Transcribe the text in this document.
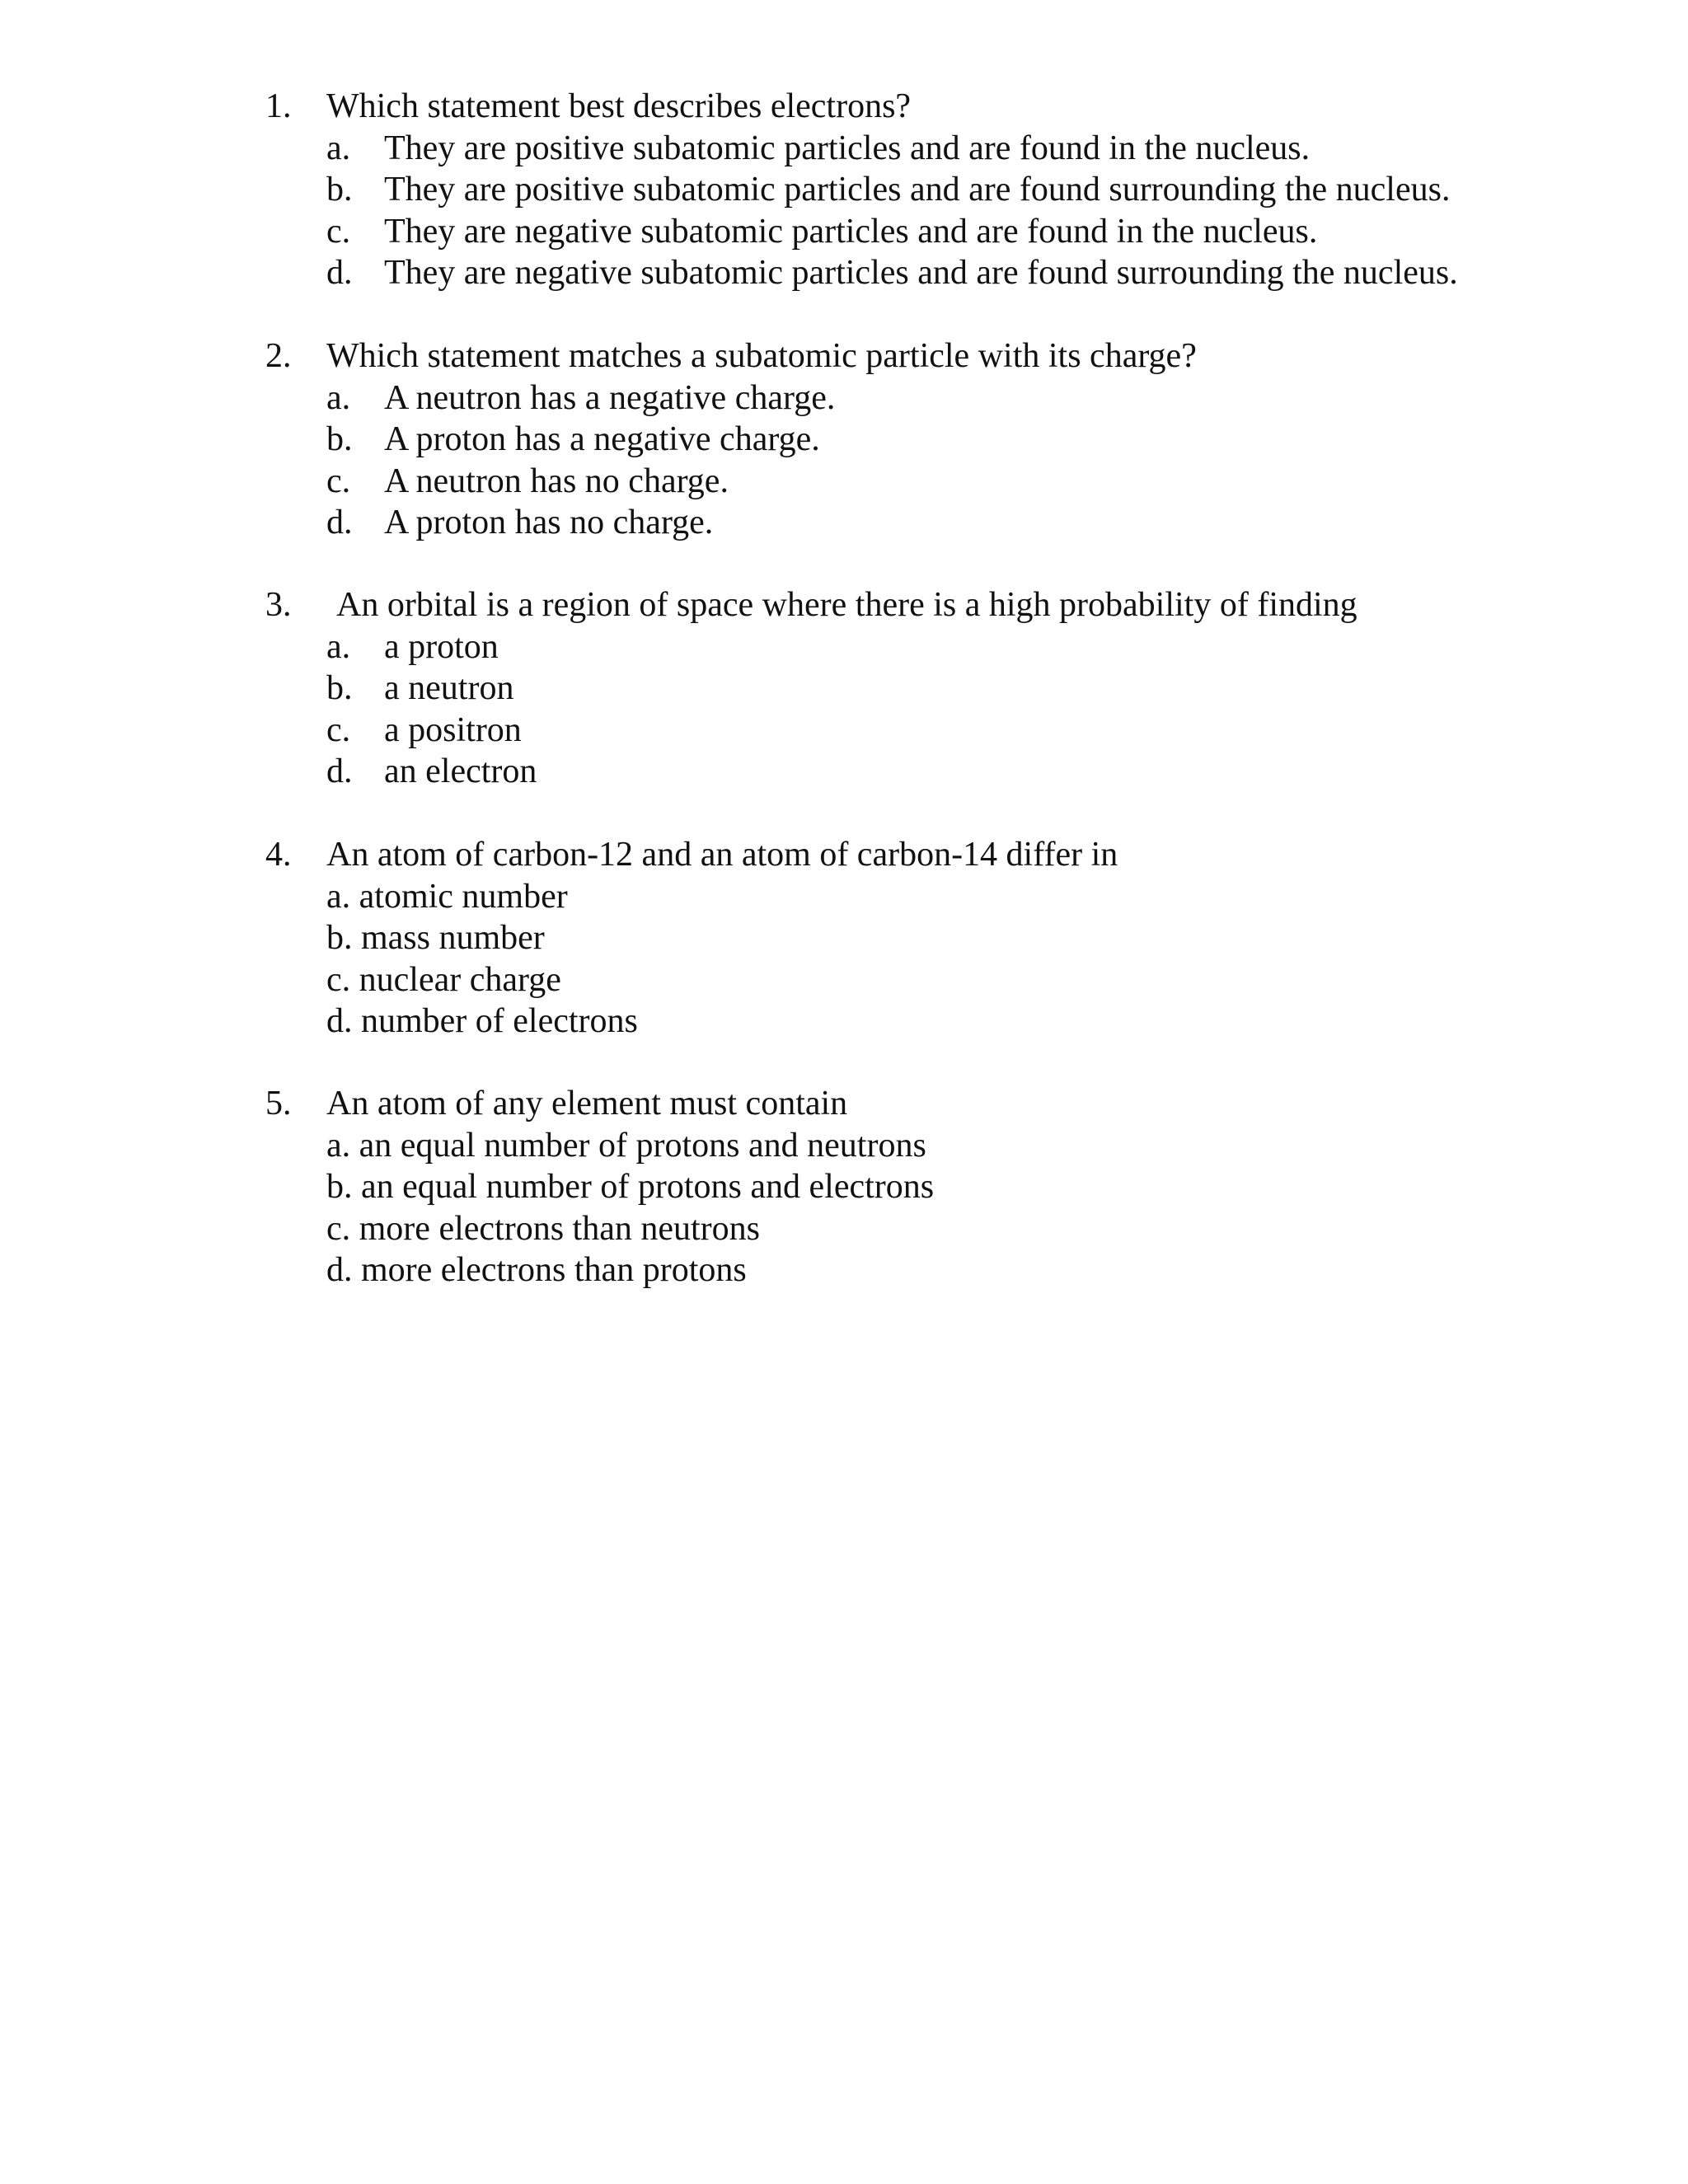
1. Which statement best describes electrons?
a. They are positive subatomic particles and are found in the nucleus.
b. They are positive subatomic particles and are found surrounding the nucleus.
c. They are negative subatomic particles and are found in the nucleus.
d. They are negative subatomic particles and are found surrounding the nucleus.
2. Which statement matches a subatomic particle with its charge?
a. A neutron has a negative charge.
b. A proton has a negative charge.
c. A neutron has no charge.
d. A proton has no charge.
3. An orbital is a region of space where there is a high probability of finding
a. a proton
b. a neutron
c. a positron
d. an electron
4. An atom of carbon-12 and an atom of carbon-14 differ in
a. atomic number
b. mass number
c. nuclear charge
d. number of electrons
5. An atom of any element must contain
a. an equal number of protons and neutrons
b. an equal number of protons and electrons
c. more electrons than neutrons
d. more electrons than protons
